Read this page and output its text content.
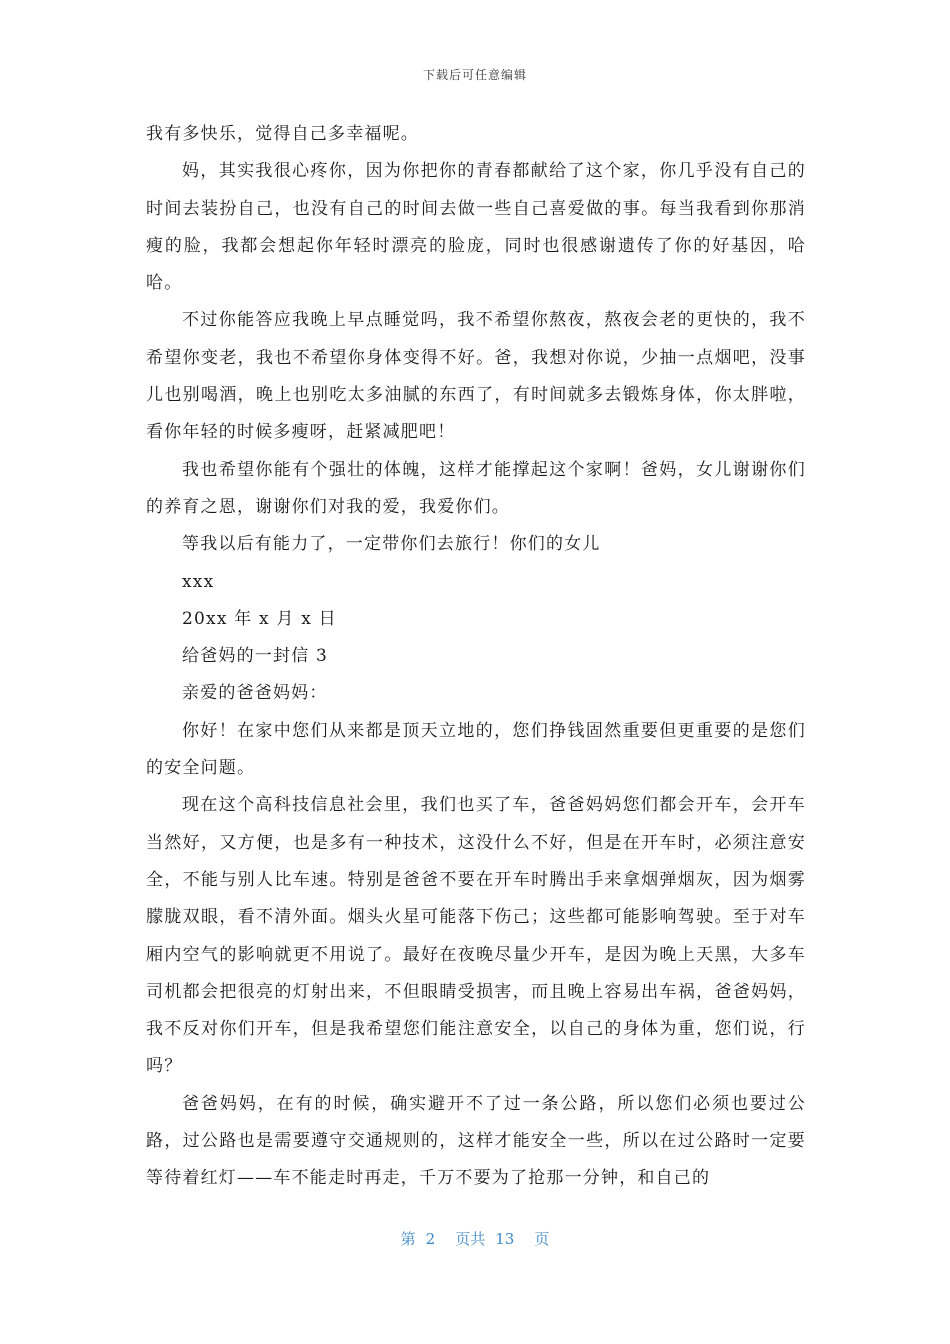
下载后可任意编辑

我有多快乐，觉得自己多幸福呢。

妈，其实我很心疼你，因为你把你的青春都献给了这个家，你几乎没有自己的时间去装扮自己，也没有自己的时间去做一些自己喜爱做的事。每当我看到你那消瘦的脸，我都会想起你年轻时漂亮的脸庞，同时也很感谢遗传了你的好基因，哈哈。

不过你能答应我晚上早点睡觉吗，我不希望你熬夜，熬夜会老的更快的，我不希望你变老，我也不希望你身体变得不好。爸，我想对你说，少抽一点烟吧，没事儿也别喝酒，晚上也别吃太多油腻的东西了，有时间就多去锻炼身体，你太胖啦，看你年轻的时候多瘦呀，赶紧减肥吧！

我也希望你能有个强壮的体魄，这样才能撑起这个家啊！爸妈，女儿谢谢你们的养育之恩，谢谢你们对我的爱，我爱你们。

等我以后有能力了，一定带你们去旅行！你们的女儿

xxx

20xx 年 x 月 x 日

给爸妈的一封信 3

亲爱的爸爸妈妈：

你好！在家中您们从来都是顶天立地的，您们挣钱固然重要但更重要的是您们的安全问题。

现在这个高科技信息社会里，我们也买了车，爸爸妈妈您们都会开车，会开车当然好，又方便，也是多有一种技术，这没什么不好，但是在开车时，必须注意安全，不能与别人比车速。特别是爸爸不要在开车时腾出手来拿烟弹烟灰，因为烟雾朦胧双眼，看不清外面。烟头火星可能落下伤己；这些都可能影响驾驶。至于对车厢内空气的影响就更不用说了。最好在夜晚尽量少开车，是因为晚上天黑，大多车司机都会把很亮的灯射出来，不但眼睛受损害，而且晚上容易出车祸，爸爸妈妈，我不反对你们开车，但是我希望您们能注意安全，以自己的身体为重，您们说，行吗？

爸爸妈妈，在有的时候，确实避开不了过一条公路，所以您们必须也要过公路，过公路也是需要遵守交通规则的，这样才能安全一些，所以在过公路时一定要等待着红灯——车不能走时再走，千万不要为了抢那一分钟，和自己的

第 2 页共 13 页
